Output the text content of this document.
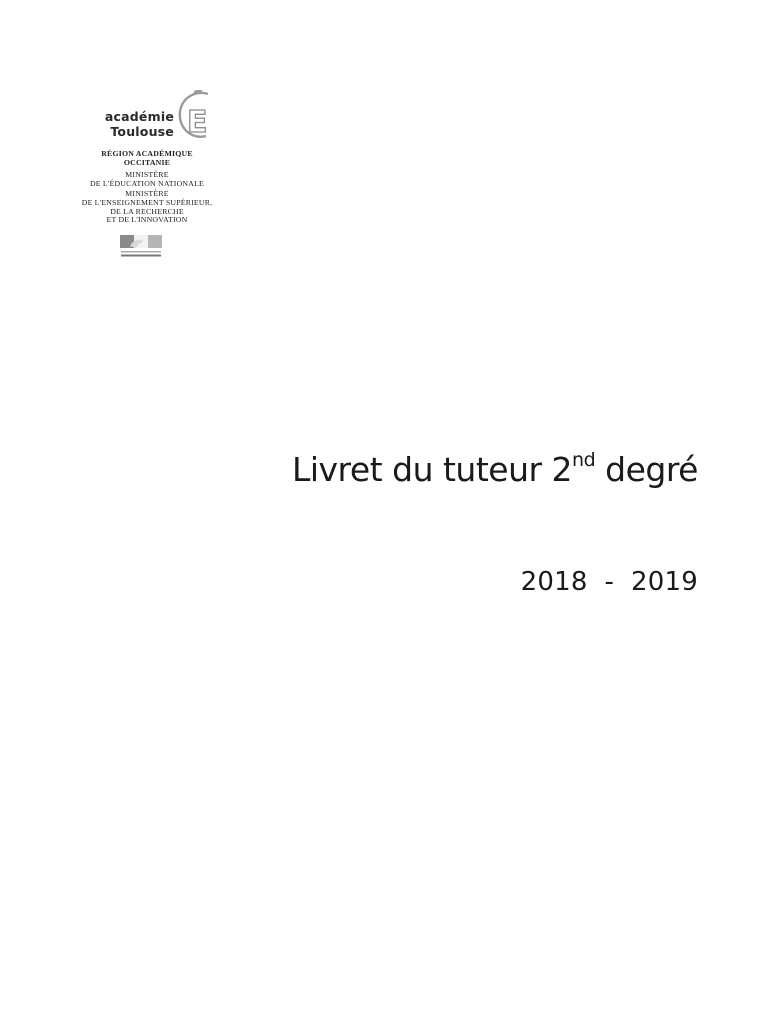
E
académie
Toulouse
RÉGION ACADÉMIQUE
OCCITANIE
MINISTÈRE
DE L'ÉDUCATION NATIONALE
MINISTÈRE
DE L'ENSEIGNEMENT SUPÉRIEUR,
DE LA RECHERCHE
ET DE L'INNOVATION
Livret du tuteur 2nd degré
2018  -  2019
